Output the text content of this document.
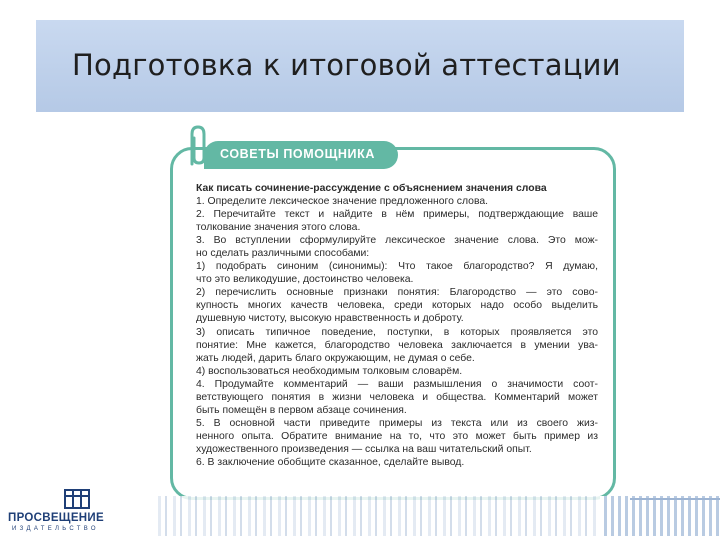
Подготовка к итоговой аттестации
СОВЕТЫ ПОМОЩНИКА
Как писать сочинение-рассуждение с объяснением значения слова
1. Определите лексическое значение предложенного слова.
2. Перечитайте текст и найдите в нём примеры, подтверждающие ваше
толкование значения этого слова.
3. Во вступлении сформулируйте лексическое значение слова. Это мож-
но сделать различными способами:
1) подобрать синоним (синонимы): Что такое благородство? Я думаю,
что это великодушие, достоинство человека.
2) перечислить основные признаки понятия: Благородство — это сово-
купность многих качеств человека, среди которых надо особо выделить
душевную чистоту, высокую нравственность и доброту.
3) описать типичное поведение, поступки, в которых проявляется это
понятие: Мне кажется, благородство человека заключается в умении ува-
жать людей, дарить благо окружающим, не думая о себе.
4) воспользоваться необходимым толковым словарём.
4. Продумайте комментарий — ваши размышления о значимости соот-
ветствующего понятия в жизни человека и общества. Комментарий может
быть помещён в первом абзаце сочинения.
5. В основной части приведите примеры из текста или из своего жиз-
ненного опыта. Обратите внимание на то, что это может быть пример из
художественного произведения — ссылка на ваш читательский опыт.
6. В заключение обобщите сказанное, сделайте вывод.
ПРОСВЕЩЕНИЕ
ИЗДАТЕЛЬСТВО
